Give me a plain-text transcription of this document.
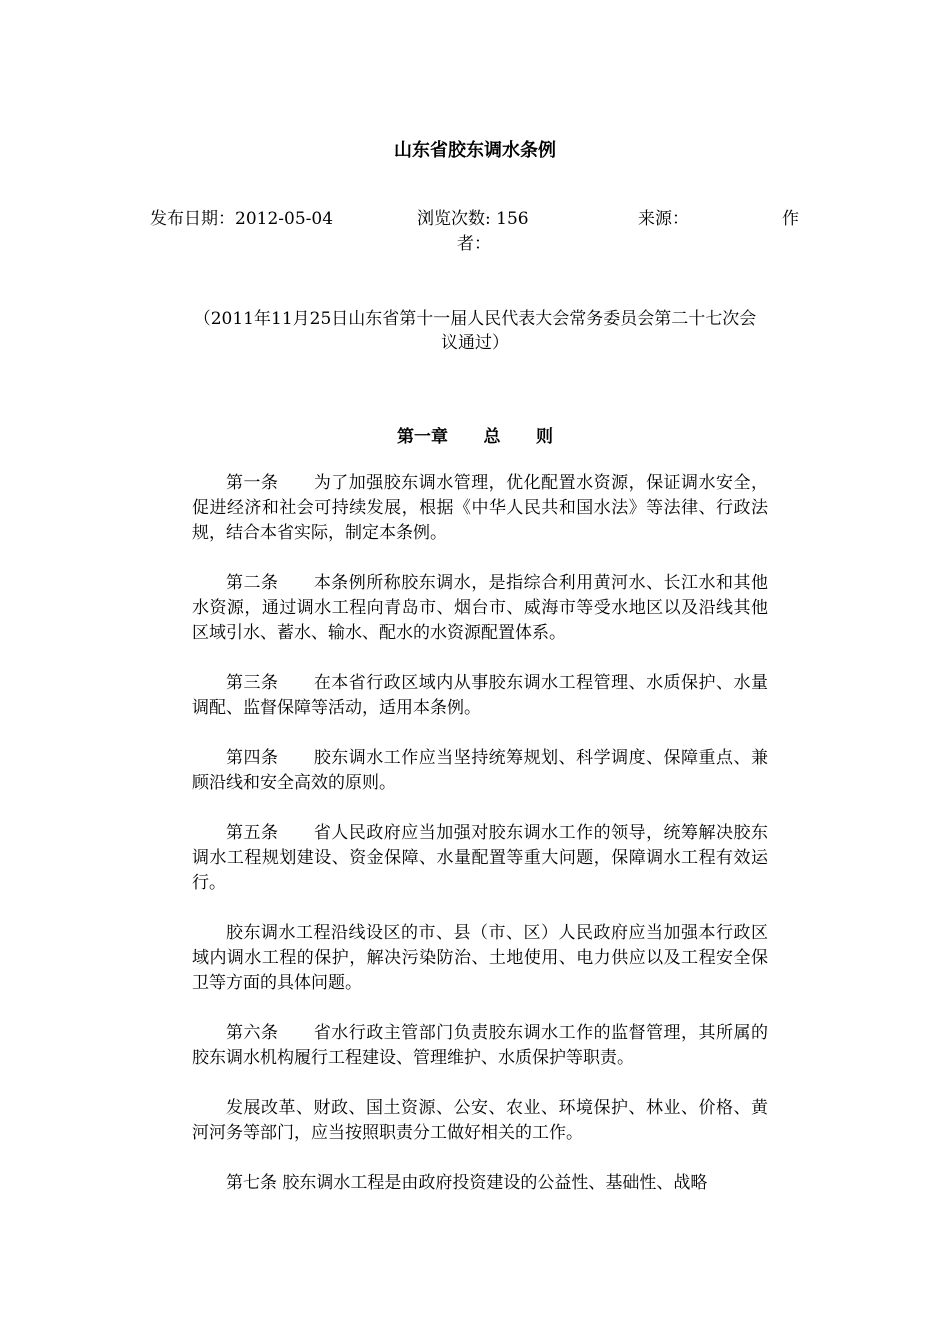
山东省胶东调水条例
发布日期：2012-05-04	浏览次数: 156	来源：	作
者：
（2011年11月25日山东省第十一届人民代表大会常务委员会第二十七次会议通过）
第一章      总      则

第一条      为了加强胶东调水管理，优化配置水资源，保证调水安全，促进经济和社会可持续发展，根据《中华人民共和国水法》等法律、行政法规，结合本省实际，制定本条例。

第二条      本条例所称胶东调水，是指综合利用黄河水、长江水和其他水资源，通过调水工程向青岛市、烟台市、威海市等受水地区以及沿线其他区域引水、蓄水、输水、配水的水资源配置体系。

第三条      在本省行政区域内从事胶东调水工程管理、水质保护、水量调配、监督保障等活动，适用本条例。

第四条      胶东调水工作应当坚持统筹规划、科学调度、保障重点、兼顾沿线和安全高效的原则。

第五条      省人民政府应当加强对胶东调水工作的领导，统筹解决胶东调水工程规划建设、资金保障、水量配置等重大问题，保障调水工程有效运行。

胶东调水工程沿线设区的市、县（市、区）人民政府应当加强本行政区域内调水工程的保护，解决污染防治、土地使用、电力供应以及工程安全保卫等方面的具体问题。

第六条      省水行政主管部门负责胶东调水工作的监督管理，其所属的胶东调水机构履行工程建设、管理维护、水质保护等职责。

发展改革、财政、国土资源、公安、农业、环境保护、林业、价格、黄河河务等部门，应当按照职责分工做好相关的工作。

第七条 胶东调水工程是由政府投资建设的公益性、基础性、战略
